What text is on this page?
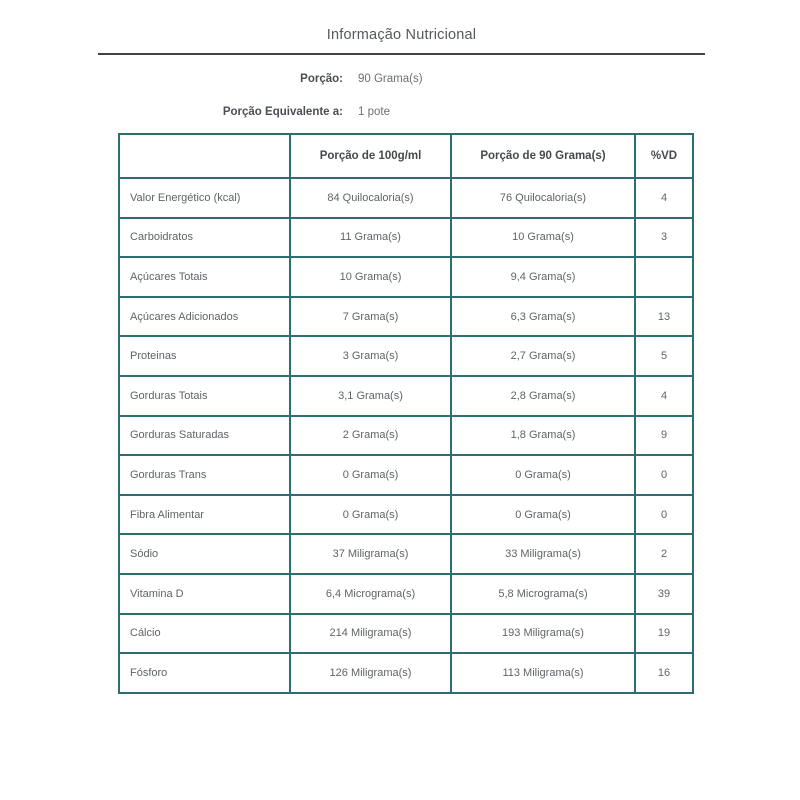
Informação Nutricional
Porção: 90 Grama(s)
Porção Equivalente a: 1 pote
	Porção de 100g/ml	Porção de 90 Grama(s)	%VD
Valor Energético (kcal)	84 Quilocaloria(s)	76 Quilocaloria(s)	4
Carboidratos	11 Grama(s)	10 Grama(s)	3
Açúcares Totais	10 Grama(s)	9,4 Grama(s)	
Açúcares Adicionados	7 Grama(s)	6,3 Grama(s)	13
Proteinas	3 Grama(s)	2,7 Grama(s)	5
Gorduras Totais	3,1 Grama(s)	2,8 Grama(s)	4
Gorduras Saturadas	2 Grama(s)	1,8 Grama(s)	9
Gorduras Trans	0 Grama(s)	0 Grama(s)	0
Fibra Alimentar	0 Grama(s)	0 Grama(s)	0
Sódio	37 Miligrama(s)	33 Miligrama(s)	2
Vitamina D	6,4 Micrograma(s)	5,8 Micrograma(s)	39
Cálcio	214 Miligrama(s)	193 Miligrama(s)	19
Fósforo	126 Miligrama(s)	113 Miligrama(s)	16
